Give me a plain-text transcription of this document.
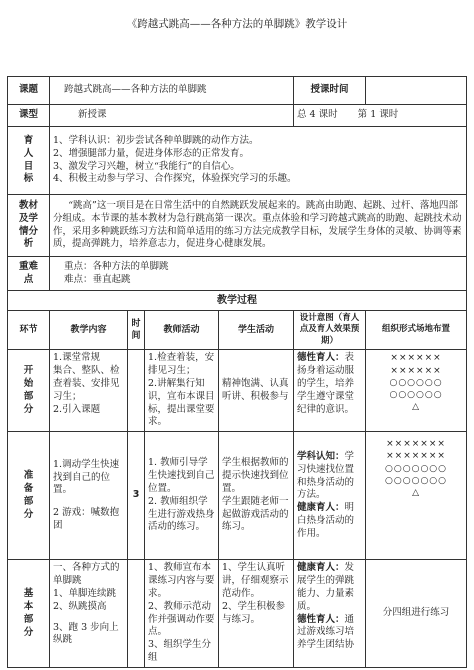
《跨越式跳高——各种方法的单脚跳》教学设计
课题	跨越式跳高——各种方法的单脚跳				授课时间	
课型	新授课				总 4 课时 第 1 课时	

育
人
目
标	1、学科认识：初步尝试各种单脚跳的动作方法。
2、增强腿部力量，促进身体形态的正常发育。
3、激发学习兴趣，树立“我能行”的自信心。
4、积极主动参与学习、合作探究，体验探究学习的乐趣。					

教材
及学
情分
析	“跳高”这一项目是在日常生活中的自然跳跃发展起来的。跳高由助跑、起跳、过杆、落地四部分组成。本节课的基本教材为急行跳高第一课次。重点体验和学习跨越式跳高的助跑、起跳技术动作，采用多种跳跃练习方法和简单适用的练习方法完成教学目标，发展学生身体的灵敏、协调等素质，提高弹跳力，培养意志力，促进身心健康发展。					

重难
点	重点：各种方法的单脚跳
难点：垂直起跳					

教学过程						
环节	教学内容	时间	教师活动	学生活动	设计意图（育人点及育人效果预期）	组织形式场地布置

开
始
部
分	1.课堂常规
集合、整队、检查着装、安排见习生；
2.引入课题		1.检查着装，安排见习生；
2.讲解集行知识，宣布本课目标，提出课堂要求。	精神饱满、认真听讲、积极参与	德性育人：表扬身着运动服的学生，培养学生遵守课堂纪律的意识。	××××××
××××××
○○○○○○
○○○○○○
△

准
备
部
分	1.调动学生快速找到自己的位置。
2 游戏：喊数抱团	3	1. 教师引导学生快速找到自己位置。
2. 教师组织学生进行游戏热身活动的练习。	学生根据教师的提示快速找到位置。
学生跟随老师一起做游戏活动的练习。	学科认知：学习快速找位置和热身活动的方法。
健康育人：明白热身活动的作用。	×××××××
×××××××
○○○○○○○
○○○○○○○
△

基
本
部
分	一、各种方式的单脚跳
1、单脚连续跳
2、纵跳摸高
3、跑 3 步向上纵跳		1、教师宣布本课练习内容与要求。
2、教师示范动作并强调动作要点。
3、组织学生分组	1、学生认真听讲，仔细观察示范动作。
2、学生积极参与练习。	健康育人：发展学生的弹跳能力、力量素质。
德性育人：通过游戏练习培养学生团结协	分四组进行练习
